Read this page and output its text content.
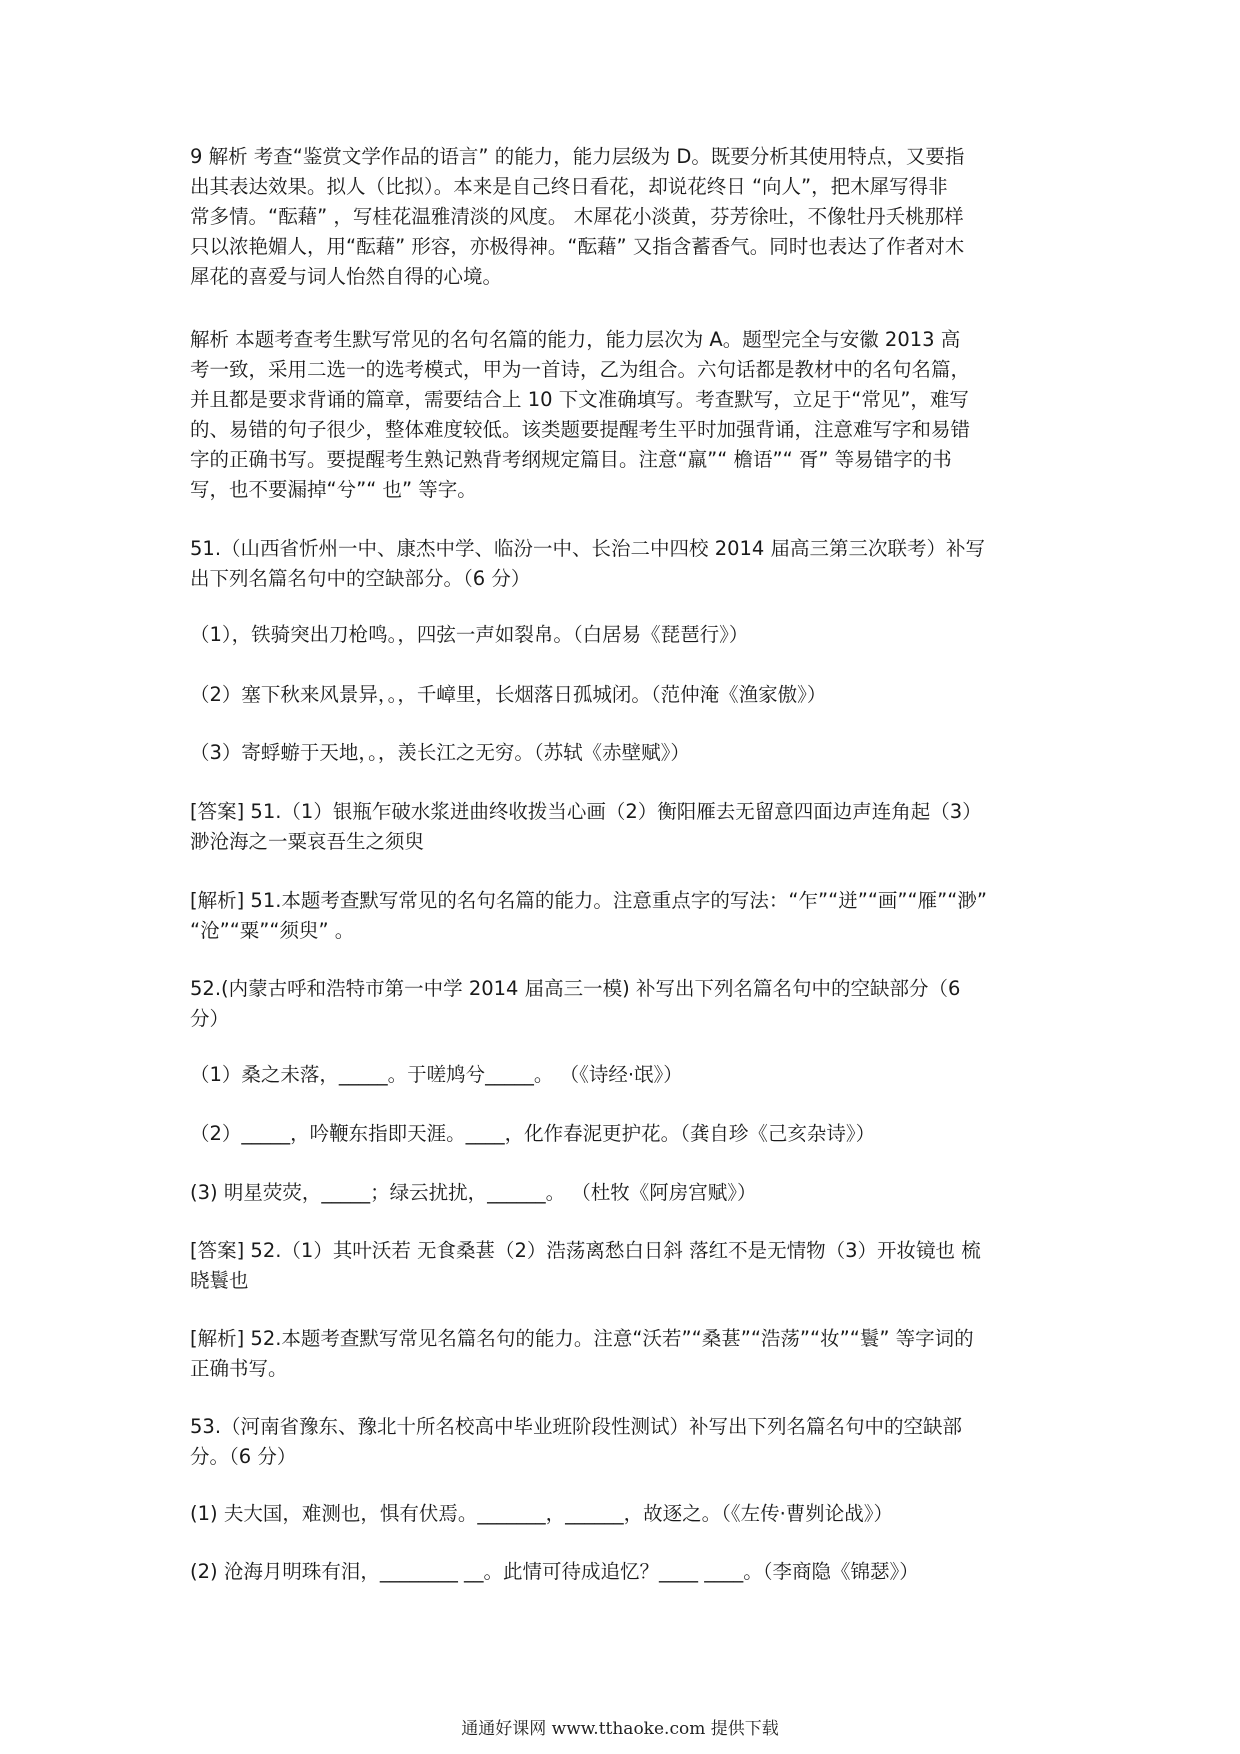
9 解析 考查“鉴赏文学作品的语言” 的能力，能力层级为 D。既要分析其使用特点，又要指
出其表达效果。拟人（比拟）。本来是自己终日看花，却说花终日 “向人”，把木犀写得非
常多情。“酝藉” ，写桂花温雅清淡的风度。 木犀花小淡黄，芬芳徐吐，不像牡丹夭桃那样
只以浓艳媚人，用“酝藉” 形容，亦极得神。“酝藉” 又指含蓄香气。同时也表达了作者对木
犀花的喜爱与词人怡然自得的心境。
解析 本题考查考生默写常见的名句名篇的能力，能力层次为 A。题型完全与安徽 2013 高
考一致，采用二选一的选考模式，甲为一首诗，乙为组合。六句话都是教材中的名句名篇，
并且都是要求背诵的篇章，需要结合上 10 下文准确填写。考查默写，立足于“常见”，难写
的、易错的句子很少，整体难度较低。该类题要提醒考生平时加强背诵，注意难写字和易错
字的正确书写。要提醒考生熟记熟背考纲规定篇目。注意“羸”“ 檐语”“ 胥” 等易错字的书
写，也不要漏掉“兮”“ 也” 等字。
51.（山西省忻州一中、康杰中学、临汾一中、长治二中四校 2014 届高三第三次联考）补写
出下列名篇名句中的空缺部分。（6 分）
（1），铁骑突出刀枪鸣。，四弦一声如裂帛。（白居易《琵琶行》）
（2）塞下秋来风景异，。，千嶂里，长烟落日孤城闭。（范仲淹《渔家傲》）
（3）寄蜉蝣于天地，。，羡长江之无穷。（苏轼《赤壁赋》）
[答案] 51.（1）银瓶乍破水浆迸曲终收拨当心画（2）衡阳雁去无留意四面边声连角起（3）
渺沧海之一粟哀吾生之须臾
[解析] 51.本题考查默写常见的名句名篇的能力。注意重点字的写法：“乍”“迸”“画”“雁”“渺”
“沧”“粟”“须臾” 。
52.(内蒙古呼和浩特市第一中学 2014 届高三一模) 补写出下列名篇名句中的空缺部分（6
分）
（1）桑之未落，_____。于嗟鸠兮_____。 （《诗经·氓》）
（2）_____，吟鞭东指即天涯。____，化作春泥更护花。（龚自珍《己亥杂诗》）
(3) 明星荧荧，_____；绿云扰扰，______。 （杜牧《阿房宫赋》）
[答案] 52.（1）其叶沃若 无食桑葚（2）浩荡离愁白日斜 落红不是无情物（3）开妆镜也 梳
晓鬟也
[解析] 52.本题考查默写常见名篇名句的能力。注意“沃若”“桑葚”“浩荡”“妆”“鬟” 等字词的
正确书写。
53.（河南省豫东、豫北十所名校高中毕业班阶段性测试）补写出下列名篇名句中的空缺部
分。（6 分）
(1) 夫大国，难测也，惧有伏焉。_______，______，故逐之。（《左传·曹刿论战》）
(2) 沧海月明珠有泪，________ __。此情可待成追忆？____ ____。（李商隐《锦瑟》）
通通好课网 www.tthaoke.com 提供下载
